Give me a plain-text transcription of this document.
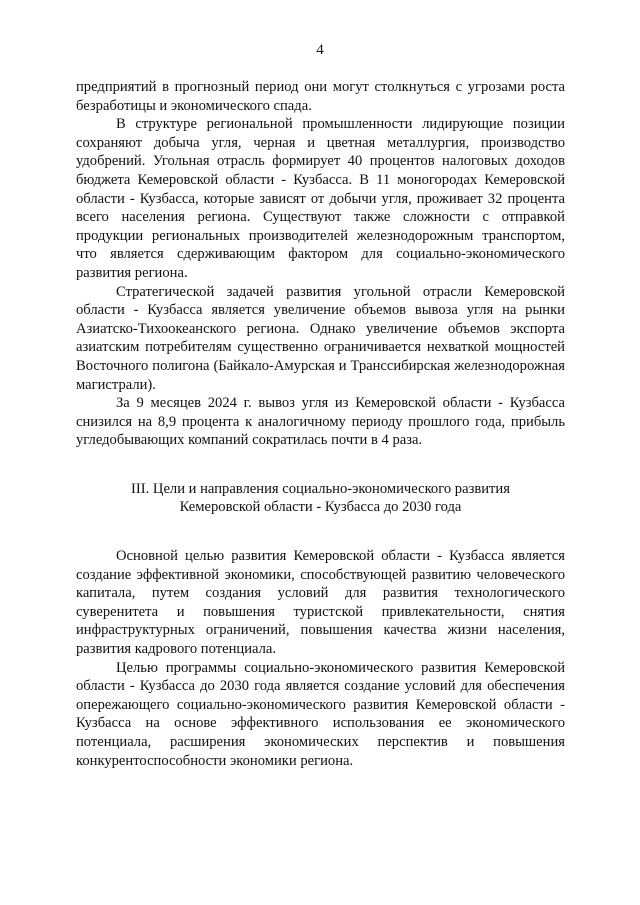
4

предприятий в прогнозный период они могут столкнуться с угрозами роста безработицы и экономического спада.

В структуре региональной промышленности лидирующие позиции сохраняют добыча угля, черная и цветная металлургия, производство удобрений. Угольная отрасль формирует 40 процентов налоговых доходов бюджета Кемеровской области - Кузбасса. В 11 моногородах Кемеровской области - Кузбасса, которые зависят от добычи угля, проживает 32 процента всего населения региона. Существуют также сложности с отправкой продукции региональных производителей железнодорожным транспортом, что является сдерживающим фактором для социально-экономического развития региона.

Стратегической задачей развития угольной отрасли Кемеровской области - Кузбасса является увеличение объемов вывоза угля на рынки Азиатско-Тихоокеанского региона. Однако увеличение объемов экспорта азиатским потребителям существенно ограничивается нехваткой мощностей Восточного полигона (Байкало-Амурская и Транссибирская железнодорожная магистрали).

За 9 месяцев 2024 г. вывоз угля из Кемеровской области - Кузбасса снизился на 8,9 процента к аналогичному периоду прошлого года, прибыль угледобывающих компаний сократилась почти в 4 раза.

III. Цели и направления социально-экономического развития
Кемеровской области - Кузбасса до 2030 года

Основной целью развития Кемеровской области - Кузбасса является создание эффективной экономики, способствующей развитию человеческого капитала, путем создания условий для развития технологического суверенитета и повышения туристской привлекательности, снятия инфраструктурных ограничений, повышения качества жизни населения, развития кадрового потенциала.

Целью программы социально-экономического развития Кемеровской области - Кузбасса до 2030 года является создание условий для обеспечения опережающего социально-экономического развития Кемеровской области - Кузбасса на основе эффективного использования ее экономического потенциала, расширения экономических перспектив и повышения конкурентоспособности экономики региона.
